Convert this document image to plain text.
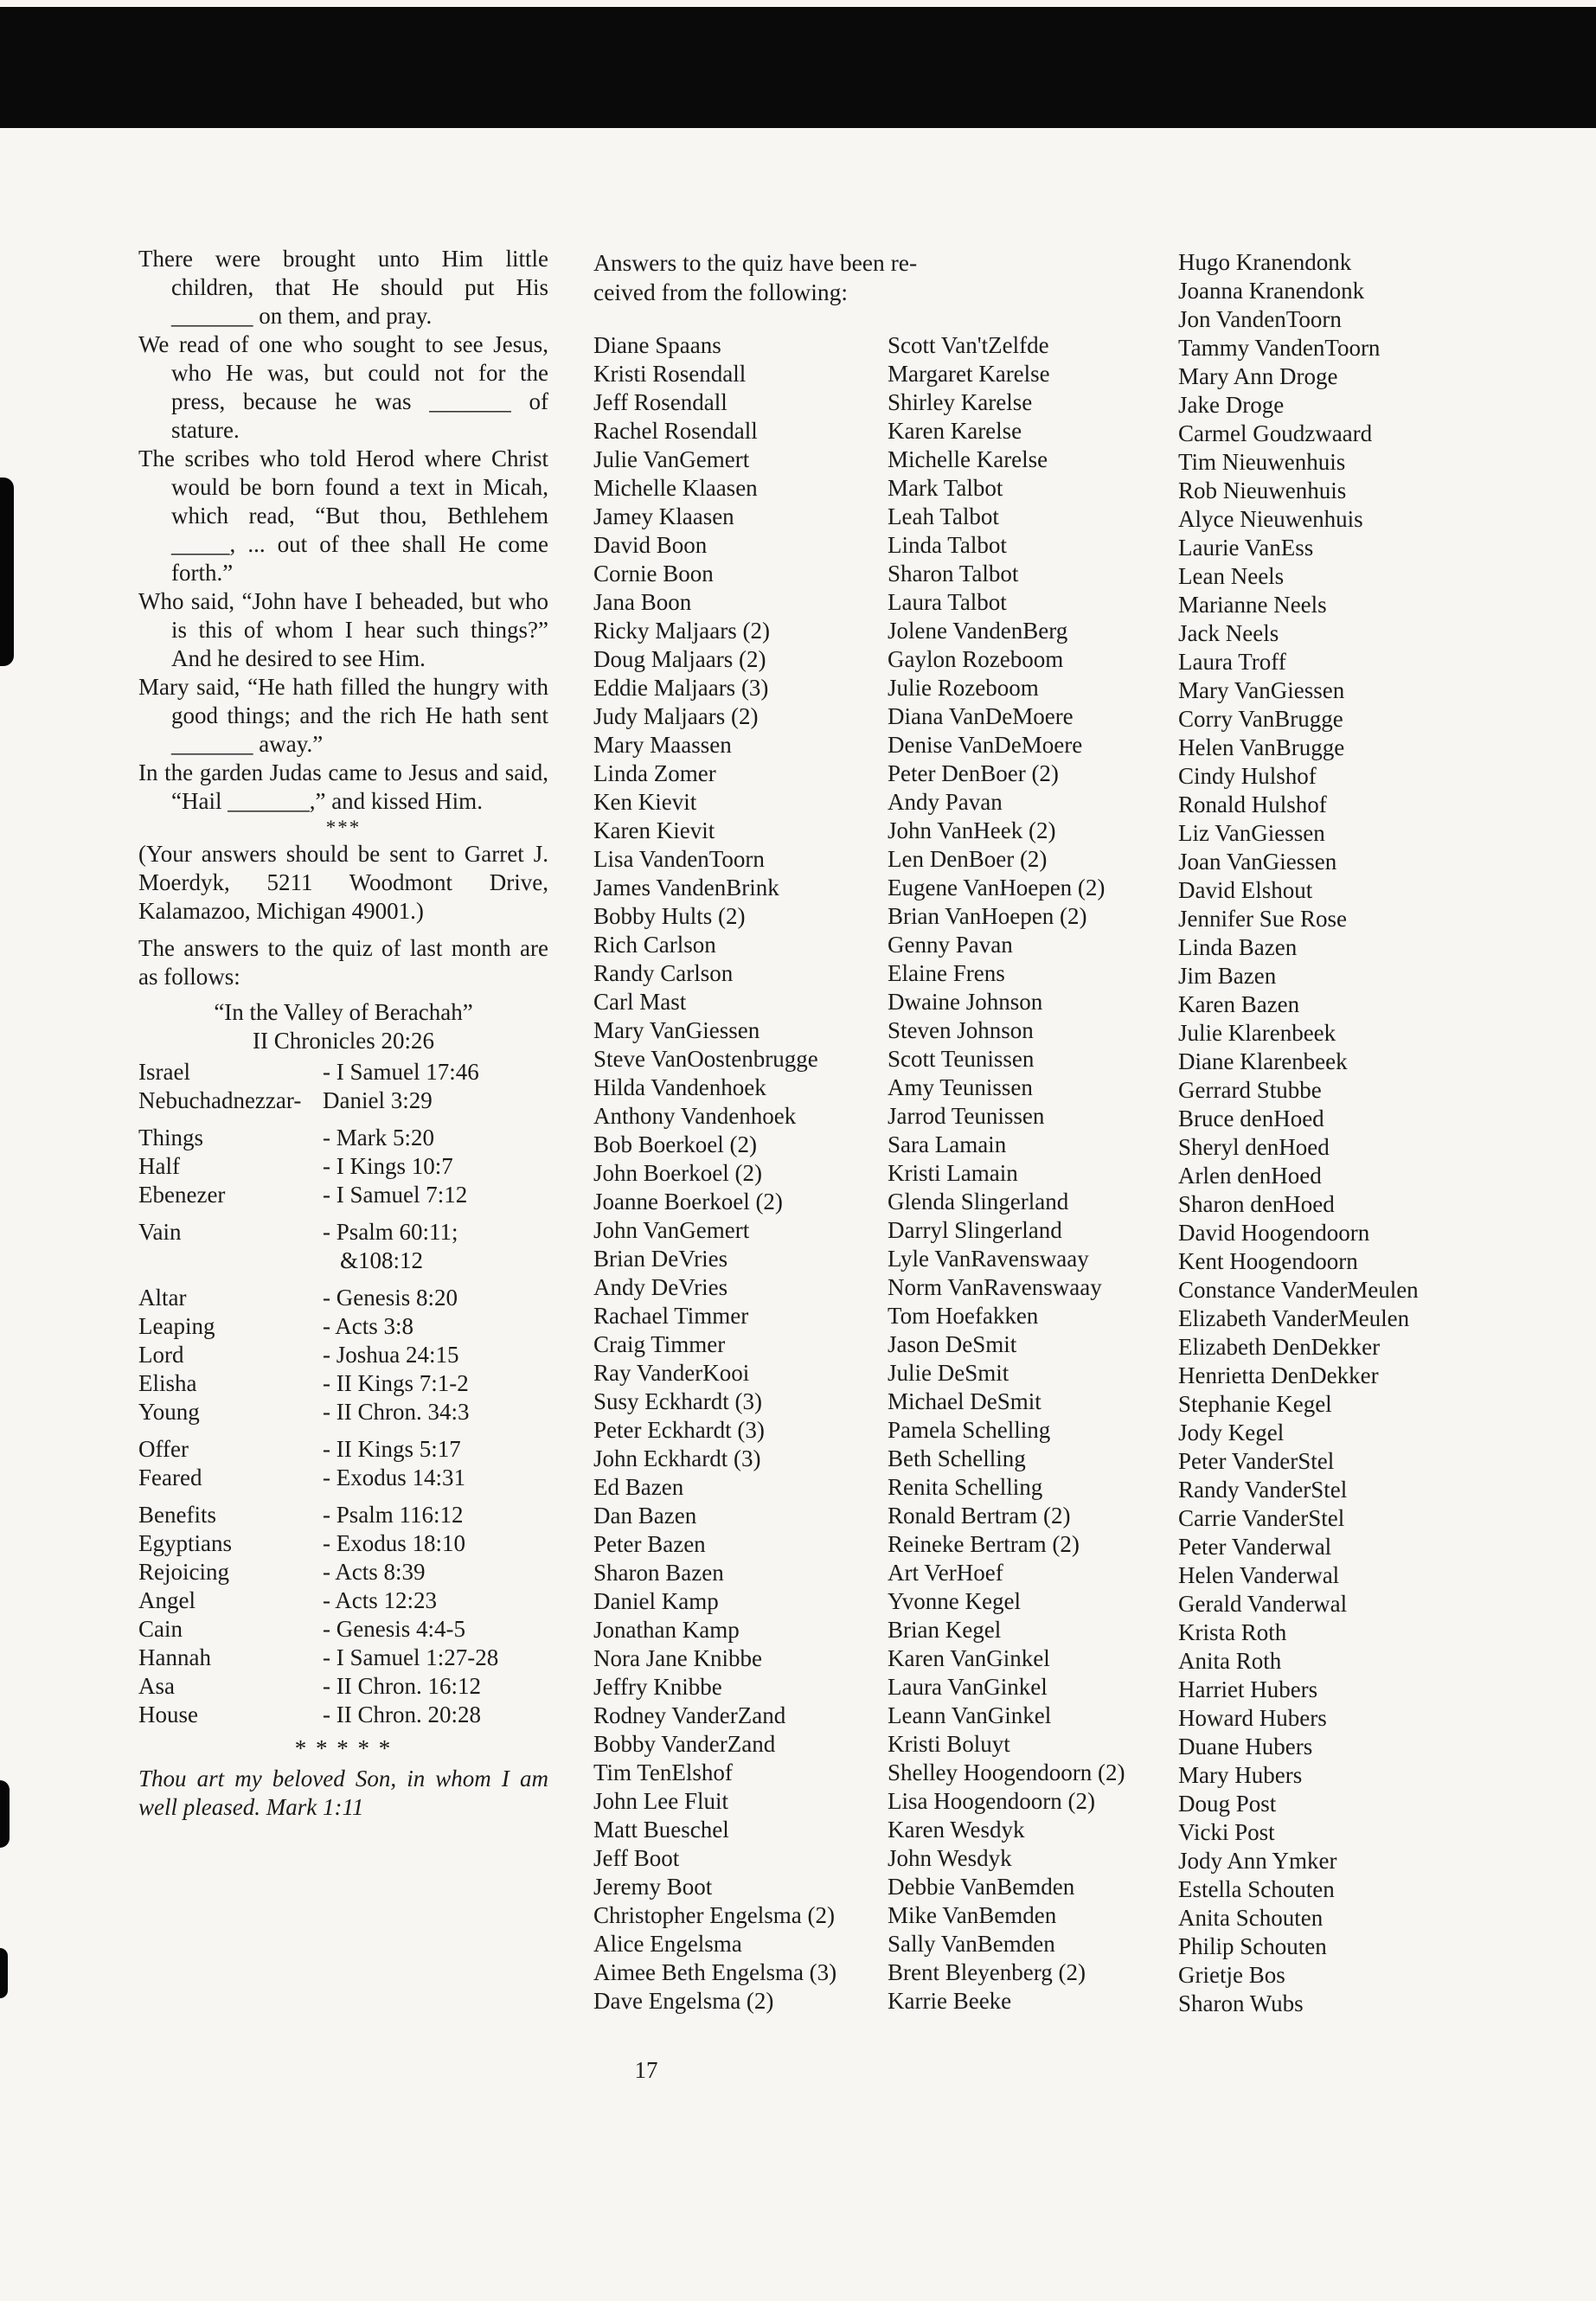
There were brought unto Him little children, that He should put His _______ on them, and pray.

We read of one who sought to see Jesus, who He was, but could not for the press, because he was _______ of stature.

The scribes who told Herod where Christ would be born found a text in Micah, which read, “But thou, Bethlehem _____, ... out of thee shall He come forth.”

Who said, “John have I beheaded, but who is this of whom I hear such things?” And he desired to see Him.

Mary said, “He hath filled the hungry with good things; and the rich He hath sent _______ away.”

In the garden Judas came to Jesus and said, “Hail _______,” and kissed Him.

***

(Your answers should be sent to Garret J. Moerdyk, 5211 Woodmont Drive, Kalamazoo, Michigan 49001.)

The answers to the quiz of last month are as follows:

“In the Valley of Berachah”

II Chronicles 20:26

Israel	- I Samuel 17:46
Nebuchadnezzar- Daniel 3:29
Things	- Mark 5:20
Half	- I Kings 10:7
Ebenezer	- I Samuel 7:12
Vain	- Psalm 60:11;
&108:12
Altar	- Genesis 8:20
Leaping	- Acts 3:8
Lord	- Joshua 24:15
Elisha	- II Kings 7:1-2
Young	- II Chron. 34:3
Offer	- II Kings 5:17
Feared	- Exodus 14:31
Benefits	- Psalm 116:12
Egyptians	- Exodus 18:10
Rejoicing	- Acts 8:39
Angel	- Acts 12:23
Cain	- Genesis 4:4-5
Hannah	- I Samuel 1:27-28
Asa	- II Chron. 16:12
House	- II Chron. 20:28

* * * * *

Thou art my beloved Son, in whom I am well pleased. Mark 1:11

Answers to the quiz have been re-
ceived from the following:
Diane Spaans
Kristi Rosendall
Jeff Rosendall
Rachel Rosendall
Julie VanGemert
Michelle Klaasen
Jamey Klaasen
David Boon
Cornie Boon
Jana Boon
Ricky Maljaars (2)
Doug Maljaars (2)
Eddie Maljaars (3)
Judy Maljaars (2)
Mary Maassen
Linda Zomer
Ken Kievit
Karen Kievit
Lisa VandenToorn
James VandenBrink
Bobby Hults (2)
Rich Carlson
Randy Carlson
Carl Mast
Mary VanGiessen
Steve VanOostenbrugge
Hilda Vandenhoek
Anthony Vandenhoek
Bob Boerkoel (2)
John Boerkoel (2)
Joanne Boerkoel (2)
John VanGemert
Brian DeVries
Andy DeVries
Rachael Timmer
Craig Timmer
Ray VanderKooi
Susy Eckhardt (3)
Peter Eckhardt (3)
John Eckhardt (3)
Ed Bazen
Dan Bazen
Peter Bazen
Sharon Bazen
Daniel Kamp
Jonathan Kamp
Nora Jane Knibbe
Jeffry Knibbe
Rodney VanderZand
Bobby VanderZand
Tim TenElshof
John Lee Fluit
Matt Bueschel
Jeff Boot
Jeremy Boot
Christopher Engelsma (2)
Alice Engelsma
Aimee Beth Engelsma (3)
Dave Engelsma (2)
Scott Van'tZelfde
Margaret Karelse
Shirley Karelse
Karen Karelse
Michelle Karelse
Mark Talbot
Leah Talbot
Linda Talbot
Sharon Talbot
Laura Talbot
Jolene VandenBerg
Gaylon Rozeboom
Julie Rozeboom
Diana VanDeMoere
Denise VanDeMoere
Peter DenBoer (2)
Andy Pavan
John VanHeek (2)
Len DenBoer (2)
Eugene VanHoepen (2)
Brian VanHoepen (2)
Genny Pavan
Elaine Frens
Dwaine Johnson
Steven Johnson
Scott Teunissen
Amy Teunissen
Jarrod Teunissen
Sara Lamain
Kristi Lamain
Glenda Slingerland
Darryl Slingerland
Lyle VanRavenswaay
Norm VanRavenswaay
Tom Hoefakken
Jason DeSmit
Julie DeSmit
Michael DeSmit
Pamela Schelling
Beth Schelling
Renita Schelling
Ronald Bertram (2)
Reineke Bertram (2)
Art VerHoef
Yvonne Kegel
Brian Kegel
Karen VanGinkel
Laura VanGinkel
Leann VanGinkel
Kristi Boluyt
Shelley Hoogendoorn (2)
Lisa Hoogendoorn (2)
Karen Wesdyk
John Wesdyk
Debbie VanBemden
Mike VanBemden
Sally VanBemden
Brent Bleyenberg (2)
Karrie Beeke
Hugo Kranendonk
Joanna Kranendonk
Jon VandenToorn
Tammy VandenToorn
Mary Ann Droge
Jake Droge
Carmel Goudzwaard
Tim Nieuwenhuis
Rob Nieuwenhuis
Alyce Nieuwenhuis
Laurie VanEss
Lean Neels
Marianne Neels
Jack Neels
Laura Troff
Mary VanGiessen
Corry VanBrugge
Helen VanBrugge
Cindy Hulshof
Ronald Hulshof
Liz VanGiessen
Joan VanGiessen
David Elshout
Jennifer Sue Rose
Linda Bazen
Jim Bazen
Karen Bazen
Julie Klarenbeek
Diane Klarenbeek
Gerrard Stubbe
Bruce denHoed
Sheryl denHoed
Arlen denHoed
Sharon denHoed
David Hoogendoorn
Kent Hoogendoorn
Constance VanderMeulen
Elizabeth VanderMeulen
Elizabeth DenDekker
Henrietta DenDekker
Stephanie Kegel
Jody Kegel
Peter VanderStel
Randy VanderStel
Carrie VanderStel
Peter Vanderwal
Helen Vanderwal
Gerald Vanderwal
Krista Roth
Anita Roth
Harriet Hubers
Howard Hubers
Duane Hubers
Mary Hubers
Doug Post
Vicki Post
Jody Ann Ymker
Estella Schouten
Anita Schouten
Philip Schouten
Grietje Bos
Sharon Wubs
17
